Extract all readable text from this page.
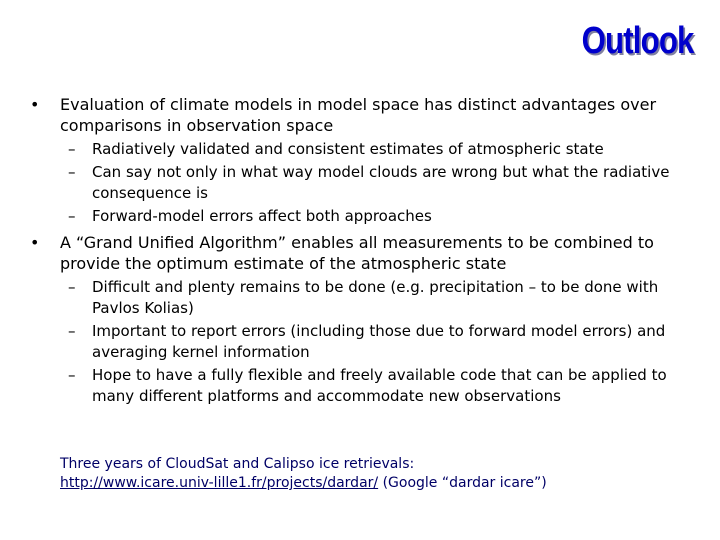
Outlook
• Evaluation of climate models in model space has distinct advantages over comparisons in observation space
– Radiatively validated and consistent estimates of atmospheric state
– Can say not only in what way model clouds are wrong but what the radiative consequence is
– Forward-model errors affect both approaches
• A “Grand Unified Algorithm” enables all measurements to be combined to provide the optimum estimate of the atmospheric state
– Difficult and plenty remains to be done (e.g. precipitation – to be done with Pavlos Kolias)
– Important to report errors (including those due to forward model errors) and averaging kernel information
– Hope to have a fully flexible and freely available code that can be applied to many different platforms and accommodate new observations
Three years of CloudSat and Calipso ice retrievals:
http://www.icare.univ-lille1.fr/projects/dardar/ (Google “dardar icare”)
